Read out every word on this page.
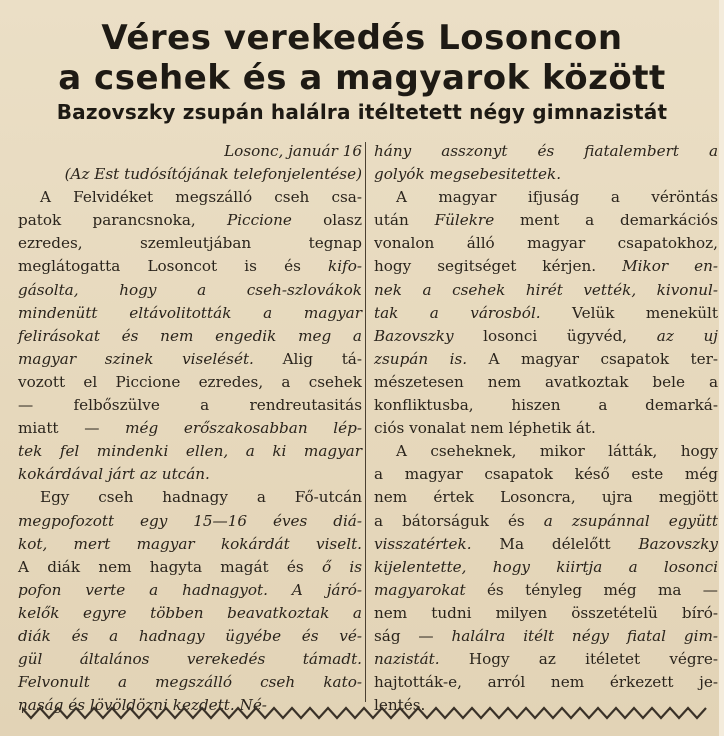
Véres verekedés Losoncon
a csehek és a magyarok között
Bazovszky zsupán halálra itéltetett négy gimnazistát
Losonc, január 16
(Az Est tudósítójának telefonjelentése)
A Felvidéket megszálló cseh csa-
patok parancsnoka, Piccione olasz
ezredes, szemleutjában tegnap
meglátogatta Losoncot is és kifo-
gásolta, hogy a cseh-szlovákok
mindenütt eltávolitották a magyar
felirásokat és nem engedik meg a
magyar szinek viselését. Alig tá-
vozott el Piccione ezredes, a csehek
— felbőszülve a rendreutasitás
miatt — még erőszakosabban lép-
tek fel mindenki ellen, a ki magyar
kokárdával járt az utcán.
Egy cseh hadnagy a Fő-utcán
megpofozott egy 15—16 éves diá-
kot, mert magyar kokárdát viselt.
A diák nem hagyta magát és ő is
pofon verte a hadnagyot. A járó-
kelők egyre többen beavatkoztak a
diák és a hadnagy ügyébe és vé-
gül általános verekedés támadt.
Felvonult a megszálló cseh kato-
naság és lövöldözni kezdett. Né-
hány asszonyt és fiatalembert a
golyók megsebesitettek.
A magyar ifjuság a véröntás
után Fülekre ment a demarkációs
vonalon álló magyar csapatokhoz,
hogy segitséget kérjen. Mikor en-
nek a csehek hirét vették, kivonul-
tak a városból. Velük menekült
Bazovszky losonci ügyvéd, az uj
zsupán is. A magyar csapatok ter-
mészetesen nem avatkoztak bele a
konfliktusba, hiszen a demarká-
ciós vonalat nem léphetik át.
A cseheknek, mikor látták, hogy
a magyar csapatok késő este még
nem értek Losoncra, ujra megjött
a bátorságuk és a zsupánnal együtt
visszatértek. Ma délelőtt Bazovszky
kijelentette, hogy kiirtja a losonci
magyarokat és tényleg még ma —
nem tudni milyen összetételü bíró-
ság — halálra itélt négy fiatal gim-
nazistát. Hogy az itéletet végre-
hajtották-e, arról nem érkezett je-
lentés.
